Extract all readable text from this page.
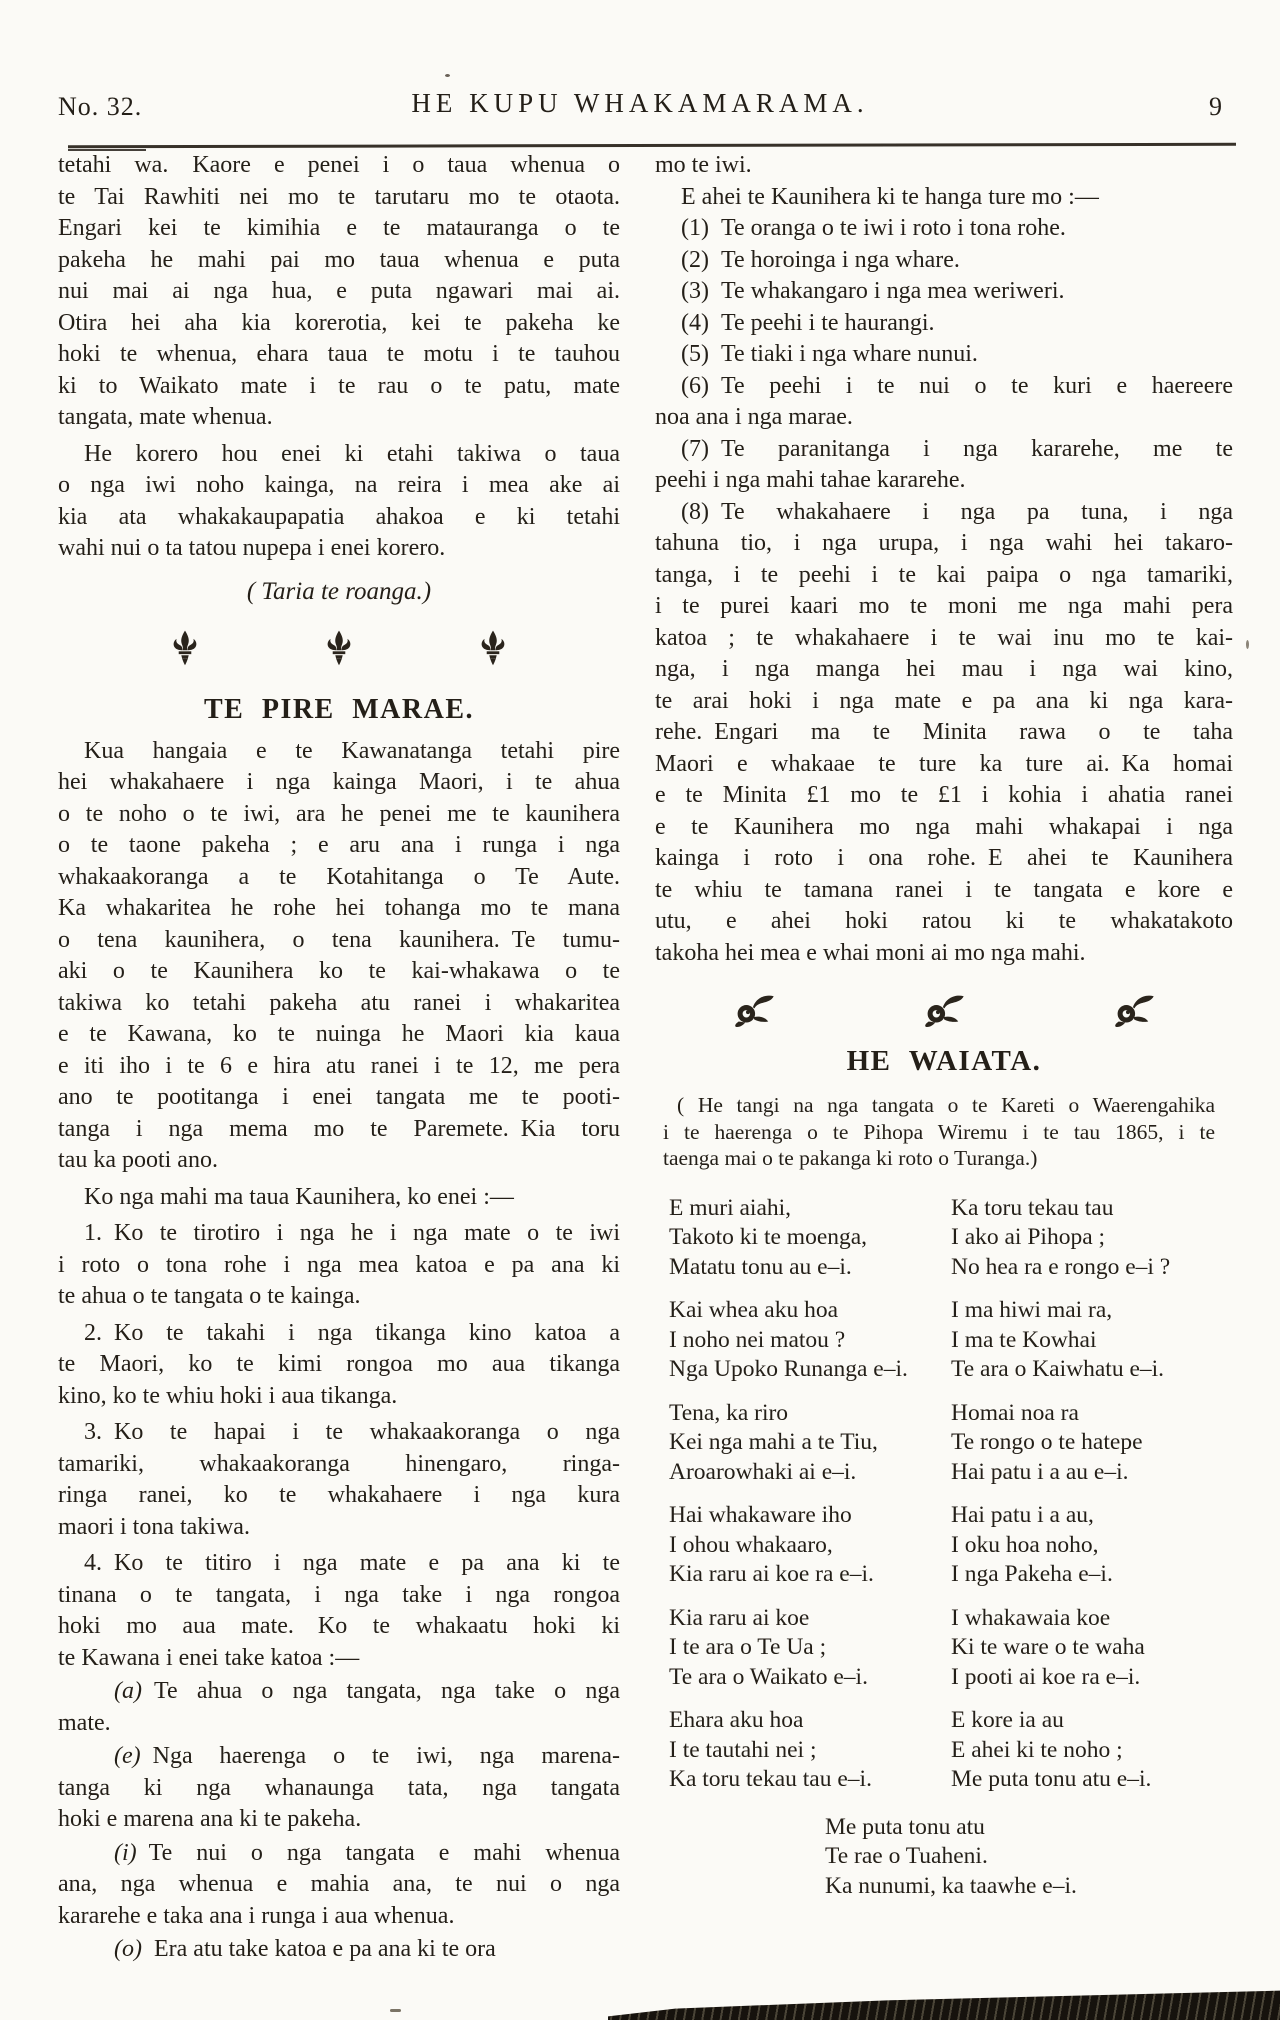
No. 32.	HE KUPU WHAKAMARAMA.	9
tetahi wa.  Kaore e penei i o taua whenua o
te Tai Rawhiti nei mo te tarutaru mo te otaota.
Engari kei te kimihia e te matauranga o te
pakeha he mahi pai mo taua whenua e puta
nui mai ai nga hua, e puta ngawari mai ai.
Otira hei aha kia korerotia, kei te pakeha ke
hoki te whenua, ehara taua te motu i te tauhou
ki to Waikato mate i te rau o te patu, mate
tangata, mate whenua.
He korero hou enei ki etahi takiwa o taua
o nga iwi noho kainga, na reira i mea ake ai
kia ata whakakaupapatia ahakoa e ki tetahi
wahi nui o ta tatou nupepa i enei korero.
( Taria te roanga.)
TE PIRE MARAE.
Kua hangaia e te Kawanatanga tetahi pire
hei whakahaere i nga kainga Maori, i te ahua
o te noho o te iwi, ara he penei me te kaunihera
o te taone pakeha ; e aru ana i runga i nga
whakaakoranga a te Kotahitanga o Te Aute.
Ka whakaritea he rohe hei tohanga mo te mana
o tena kaunihera, o tena kaunihera. Te tumu-
aki o te Kaunihera ko te kai-whakawa o te
takiwa ko tetahi pakeha atu ranei i whakaritea
e te Kawana, ko te nuinga he Maori kia kaua
e iti iho i te 6 e hira atu ranei i te 12, me pera
ano te pootitanga i enei tangata me te pooti-
tanga i nga mema mo te Paremete. Kia toru
tau ka pooti ano.
Ko nga mahi ma taua Kaunihera, ko enei :—
1. Ko te tirotiro i nga he i nga mate o te iwi
i roto o tona rohe i nga mea katoa e pa ana ki
te ahua o te tangata o te kainga.
2. Ko te takahi i nga tikanga kino katoa a
te Maori, ko te kimi rongoa mo aua tikanga
kino, ko te whiu hoki i aua tikanga.
3. Ko te hapai i te whakaakoranga o nga
tamariki, whakaakoranga hinengaro, ringa-
ringa ranei, ko te whakahaere i nga kura
maori i tona takiwa.
4. Ko te titiro i nga mate e pa ana ki te
tinana o te tangata, i nga take i nga rongoa
hoki mo aua mate.  Ko te whakaatu hoki ki
te Kawana i enei take katoa :—
(a) Te ahua o nga tangata, nga take o nga
mate.
(e) Nga haerenga o te iwi, nga marena-
tanga ki nga whanaunga tata, nga tangata
hoki e marena ana ki te pakeha.
(i) Te nui o nga tangata e mahi whenua
ana, nga whenua e mahia ana, te nui o nga
kararehe e taka ana i runga i aua whenua.
(o) Era atu take katoa e pa ana ki te ora
mo te iwi.
E ahei te Kaunihera ki te hanga ture mo :—
(1) Te oranga o te iwi i roto i tona rohe.
(2) Te horoinga i nga whare.
(3) Te whakangaro i nga mea weriweri.
(4) Te peehi i te haurangi.
(5) Te tiaki i nga whare nunui.
(6) Te peehi i te nui o te kuri e haereere
noa ana i nga marae.
(7) Te paranitanga i nga kararehe, me te
peehi i nga mahi tahae kararehe.
(8) Te whakahaere i nga pa tuna, i nga
tahuna tio, i nga urupa, i nga wahi hei takaro-
tanga, i te peehi i te kai paipa o nga tamariki,
i te purei kaari mo te moni me nga mahi pera
katoa ; te whakahaere i te wai inu mo te kai-
nga, i nga manga hei mau i nga wai kino,
te arai hoki i nga mate e pa ana ki nga kara-
rehe. Engari ma te Minita rawa o te taha
Maori e whakaae te ture ka ture ai. Ka homai
e te Minita £1 mo te £1 i kohia i ahatia ranei
e te Kaunihera mo nga mahi whakapai i nga
kainga i roto i ona rohe. E ahei te Kaunihera
te whiu te tamana ranei i te tangata e kore e
utu, e ahei hoki ratou ki te whakatakoto
takoha hei mea e whai moni ai mo nga mahi.
HE WAIATA.
( He tangi na nga tangata o te Kareti o Waerengahika
i te haerenga o te Pihopa Wiremu i te tau 1865, i te
taenga mai o te pakanga ki roto o Turanga.)
E muri aiahi,
Takoto ki te moenga,
Matatu tonu au e–i.
Kai whea aku hoa
I noho nei matou ?
Nga Upoko Runanga e–i.
Tena, ka riro
Kei nga mahi a te Tiu,
Aroarowhaki ai e–i.
Hai whakaware iho
I ohou whakaaro,
Kia raru ai koe ra e–i.
Kia raru ai koe
I te ara o Te Ua ;
Te ara o Waikato e–i.
Ehara aku hoa
I te tautahi nei ;
Ka toru tekau tau e–i.
Ka toru tekau tau
I ako ai Pihopa ;
No hea ra e rongo e–i ?
I ma hiwi mai ra,
I ma te Kowhai
Te ara o Kaiwhatu e–i.
Homai noa ra
Te rongo o te hatepe
Hai patu i a au e–i.
Hai patu i a au,
I oku hoa noho,
I nga Pakeha e–i.
I whakawaia koe
Ki te ware o te waha
I pooti ai koe ra e–i.
E kore ia au
E ahei ki te noho ;
Me puta tonu atu e–i.
Me puta tonu atu
Te rae o Tuaheni.
Ka nunumi, ka taawhe e–i.
